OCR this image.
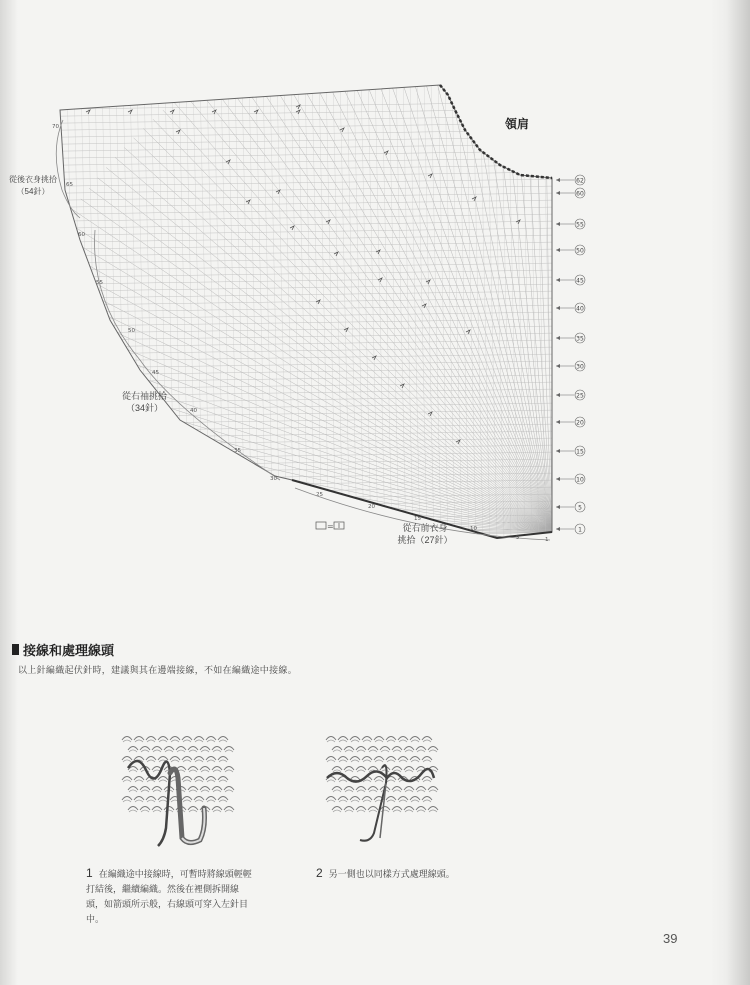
62
60
55
50
45
40
35
30
25
20
15
10
5
1
70
65
60
55
50
45
40
35
30
25
20
15
10
5	1
=
領肩
從後衣身挑拾
（54針）
從右袖挑拾
（34針）
從右前衣身
挑拾（27針）
接線和處理線頭
以上針編織起伏針時，建議與其在邊端接線，不如在編織途中接線。
1 在編織途中接線時，可暫時將線頭輕輕打結後，繼續編織。然後在裡側拆開線頭，如箭頭所示般，右線頭可穿入左針目中。
2 另一側也以同樣方式處理線頭。
39
